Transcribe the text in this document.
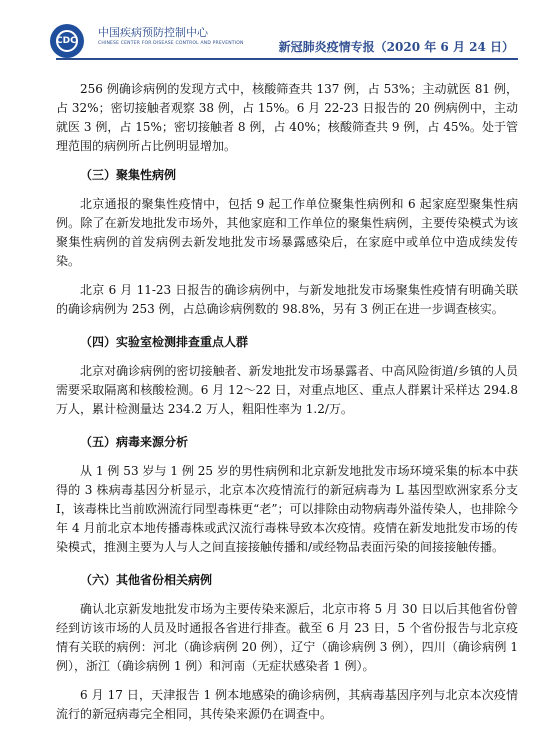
CDC
中国疾病预防控制中心
CHINESE CENTER FOR DISEASE CONTROL AND PREVENTION	新冠肺炎疫情专报（2020 年 6 月 24 日）

256 例确诊病例的发现方式中，核酸筛查共 137 例，占 53%；主动就医 81 例，占 32%；密切接触者观察 38 例，占 15%。6 月 22-23 日报告的 20 例病例中，主动就医 3 例，占 15%；密切接触者 8 例，占 40%；核酸筛查共 9 例，占 45%。处于管理范围的病例所占比例明显增加。

（三）聚集性病例

北京通报的聚集性疫情中，包括 9 起工作单位聚集性病例和 6 起家庭型聚集性病例。除了在新发地批发市场外，其他家庭和工作单位的聚集性病例，主要传染模式为该聚集性病例的首发病例去新发地批发市场暴露感染后，在家庭中或单位中造成续发传染。

北京 6 月 11-23 日报告的确诊病例中，与新发地批发市场聚集性疫情有明确关联的确诊病例为 253 例，占总确诊病例数的 98.8%，另有 3 例正在进一步调查核实。

（四）实验室检测排查重点人群

北京对确诊病例的密切接触者、新发地批发市场暴露者、中高风险街道/乡镇的人员需要采取隔离和核酸检测。6 月 12～22 日，对重点地区、重点人群累计采样达 294.8 万人，累计检测量达 234.2 万人，粗阳性率为 1.2/万。

（五）病毒来源分析

从 1 例 53 岁与 1 例 25 岁的男性病例和北京新发地批发市场环境采集的标本中获得的 3 株病毒基因分析显示，北京本次疫情流行的新冠病毒为 L 基因型欧洲家系分支Ⅰ，该毒株比当前欧洲流行同型毒株更“老”；可以排除由动物病毒外溢传染人，也排除今年 4 月前北京本地传播毒株或武汉流行毒株导致本次疫情。疫情在新发地批发市场的传染模式，推测主要为人与人之间直接接触传播和/或经物品表面污染的间接接触传播。

（六）其他省份相关病例

确认北京新发地批发市场为主要传染来源后，北京市将 5 月 30 日以后其他省份曾经到访该市场的人员及时通报各省进行排查。截至 6 月 23 日，5 个省份报告与北京疫情有关联的病例：河北（确诊病例 20 例），辽宁（确诊病例 3 例），四川（确诊病例 1 例），浙江（确诊病例 1 例）和河南（无症状感染者 1 例）。

6 月 17 日，天津报告 1 例本地感染的确诊病例，其病毒基因序列与北京本次疫情流行的新冠病毒完全相同，其传染来源仍在调查中。
